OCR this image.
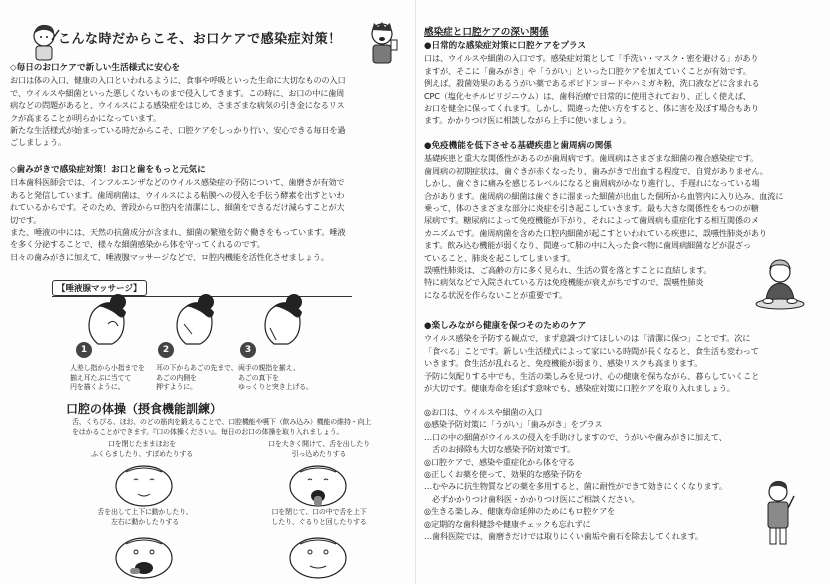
こんな時だからこそ、お口ケアで感染症対策！
◇毎日のお口ケアで新しい生活様式に安心を
お口は体の入口、健康の入口といわれるように、食事や呼吸といった生命に大切なものの入口
で、ウイルスや細菌といった悪しくないものまで侵入してきます。この時に、お口の中に歯周
病などの問題があると、ウイルスによる感染症をはじめ、さまざまな病気の引き金になるリス
クが高まることが明らかになっています。
新たな生活様式が始まっている時だからこそ、口腔ケアをしっかり行い、安心できる毎日を過
ごしましょう。
◇歯みがきで感染症対策！お口と歯をもっと元気に
日本歯科医師会では、インフルエンザなどのウイルス感染症の予防について、歯磨きが有効で
あると発信しています。歯周病菌は、ウイルスによる粘膜への侵入を手伝う酵素を出すといわ
れているからです。そのため、普段からロ腔内を清潔にし、細菌をできるだけ減らすことが大
切です。
また、唾液の中には、天然の抗菌成分が含まれ、細菌の繁殖を防ぐ働きをもっています。唾液
を多く分泌することで、様々な細菌感染から体を守ってくれるのです。
日々の歯みがきに加えて、唾液腺マッサージなどで、ロ腔内機能を活性化させましょう。
【唾液腺マッサージ】
1	2	3
人差し指から小指までを
揃え耳たぶに当てて
円を描くように。
耳の下からあごの先まで、
あごの内側を
押すように。
両手の親指を揃え、
あごの真下を
ゆっくりと突き上げる。
口腔の体操（摂食機能訓練）
舌、くちびる、ほお、のどの筋肉を鍛えることで、口腔機能や嚥下（飲み込み）機能の維持・向上
をはかることができます。『口の体操ください』。毎日のお口の体操を取り入れましょう。
口を閉じたままほおを
ふくらましたり、すぼめたりする
口を大きく開けて、舌を出したり
引っ込めたりする
舌を出して上下に動かしたり、
左右に動かしたりする
口を閉じて、口の中で舌を上下
したり、ぐるりと回したりする
感染症と口腔ケアの深い関係
●日常的な感染症対策に口腔ケアをプラス
口は、ウイルスや細菌の入口です。感染症対策として「手洗い・マスク・密を避ける」があり
ますが、そこに「歯みがき」や「うがい」といった口腔ケアを加えていくことが有効です。
例えば、殺菌効果のあるうがい薬であるポビドンヨードやハミガキ粉、洗口液などに含まれる
CPC（塩化セチルピリジニウム）は、歯科治療で日常的に使用されており、正しく使えば、
お口を健全に保ってくれます。しかし、間違った使い方をすると、体に害を及ぼす場合もあり
ます。かかりつけ医に相談しながら上手に使いましょう。
●免疫機能を低下させる基礎疾患と歯周病の関係
基礎疾患と重大な関係性があるのが歯周病です。歯周病はさまざまな細菌の複合感染症です。
歯周病の初期症状は、歯ぐきが赤くなったり、歯みがきで出血する程度で、自覚がありません。
しかし、歯ぐきに痛みを感じるレベルになると歯周病がかなり進行し、手遅れになっている場
合があります。歯周病の細菌は歯ぐきに溜まった細菌が出血した個所から血管内に入り込み、血流に
乗って、体のさまざまな部分に炎症を引き起こしていきます。最も大きな関係性をもつのが糖
尿病です。糖尿病によって免疫機能が下がり、それによって歯周病も重症化する相互関係のメ
カニズムです。歯周病菌を含めた口腔内細菌が起こすといわれている疾患に、誤嚥性肺炎があり
ます。飲み込む機能が弱くなり、間違って肺の中に入った食べ物に歯周病細菌などが混ざっ
ていること、肺炎を起こしてしまいます。
誤嚥性肺炎は、ご高齢の方に多く見られ、生活の質を落とすことに直結します。
特に病気などで入院されている方は免疫機能が衰えがちですので、誤嚥性肺炎
になる状況を作らないことが重要です。
●楽しみながら健康を保つそのためのケア
ウイルス感染を予防する観点で、まず意識づけてほしいのは「清潔に保つ」ことです。次に
「食べる」ことです。新しい生活様式によって家にいる時間が長くなると、食生活も変わって
いきます。食生活が乱れると、免疫機能が弱まり、感染リスクも高まります。
予防に気配りする中でも、生活の楽しみを見つけ、心の健康を保ちながら、暮らしていくこと
が大切です。健康寿命を延ばす意味でも、感染症対策に口腔ケアを取り入れましょう。
◎お口は、ウイルスや細菌の入口
◎感染予防対策に「うがい」「歯みがき」をプラス
…口の中の細菌がウイルスの侵入を手助けしますので、うがいや歯みがきに加えて、
　舌のお掃除も大切な感染予防対策です。
◎口腔ケアで、感染や重症化から体を守る
◎正しくお薬を使って、効果的な感染予防を
…むやみに抗生物質などの薬を多用すると、菌に耐性ができて効きにくくなります。
　必ずかかりつけ歯科医・かかりつけ医にご相談ください。
◎生きる楽しみ、健康寿命延伸のためにもロ腔ケアを
◎定期的な歯科健診や健康チェックも忘れずに
…歯科医院では、歯磨きだけでは取りにくい歯垢や歯石を除去してくれます。
